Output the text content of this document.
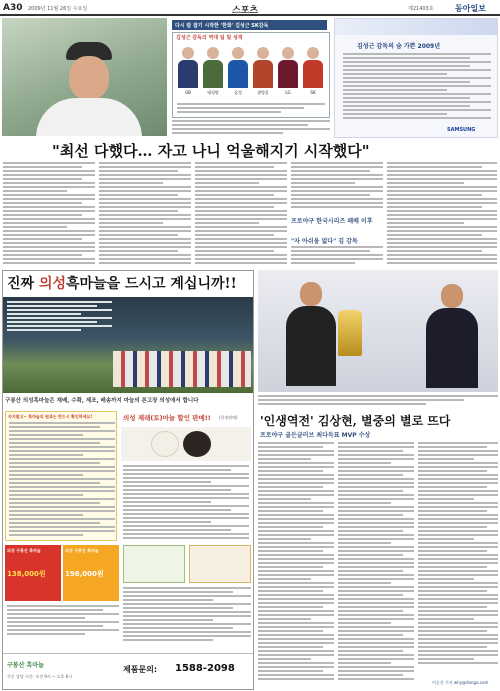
A30 2009년 11월 26일 수요일	스포츠	제21403호	동아일보
다시 칼 잡기 시작한 '한화' 김성근 SK감독
김성근 감독의 역대 팀 및 성적
OB	태평양	삼성	쌍방울	LG	SK
김성근 감독의 숨 가쁜 2009년
SAMSUNG
"최선 다했다… 자고 나니 억울해지기 시작했다"
프로야구 한국시리즈 패배 이후
"자 아쉬움 없다" 김 감독
'인생역전' 김상현, 별중의 별로 뜨다
프로야구 골든글러브 최다득표 MVP 수상
이승건 기자 why@donga.com
진짜 의성흑마늘을 드시고 계십니까!!
구봉산 의성흑마늘은 재배, 수확, 제조, 배송까지 마늘의 본고장 의성에서 합니다
속지말고~ 흑마늘의 원료는 반드시 확인하세요!	의성 재래(토)마늘 할인 판매!! (한정판매)
의성 구봉산 흑마늘
138,000원
의성 구봉산 흑마늘
198,000원
구봉산 흑마늘
주문 상담 시간: 오전 9시 ~ 오후 6시
제품문의: 1588-2098
